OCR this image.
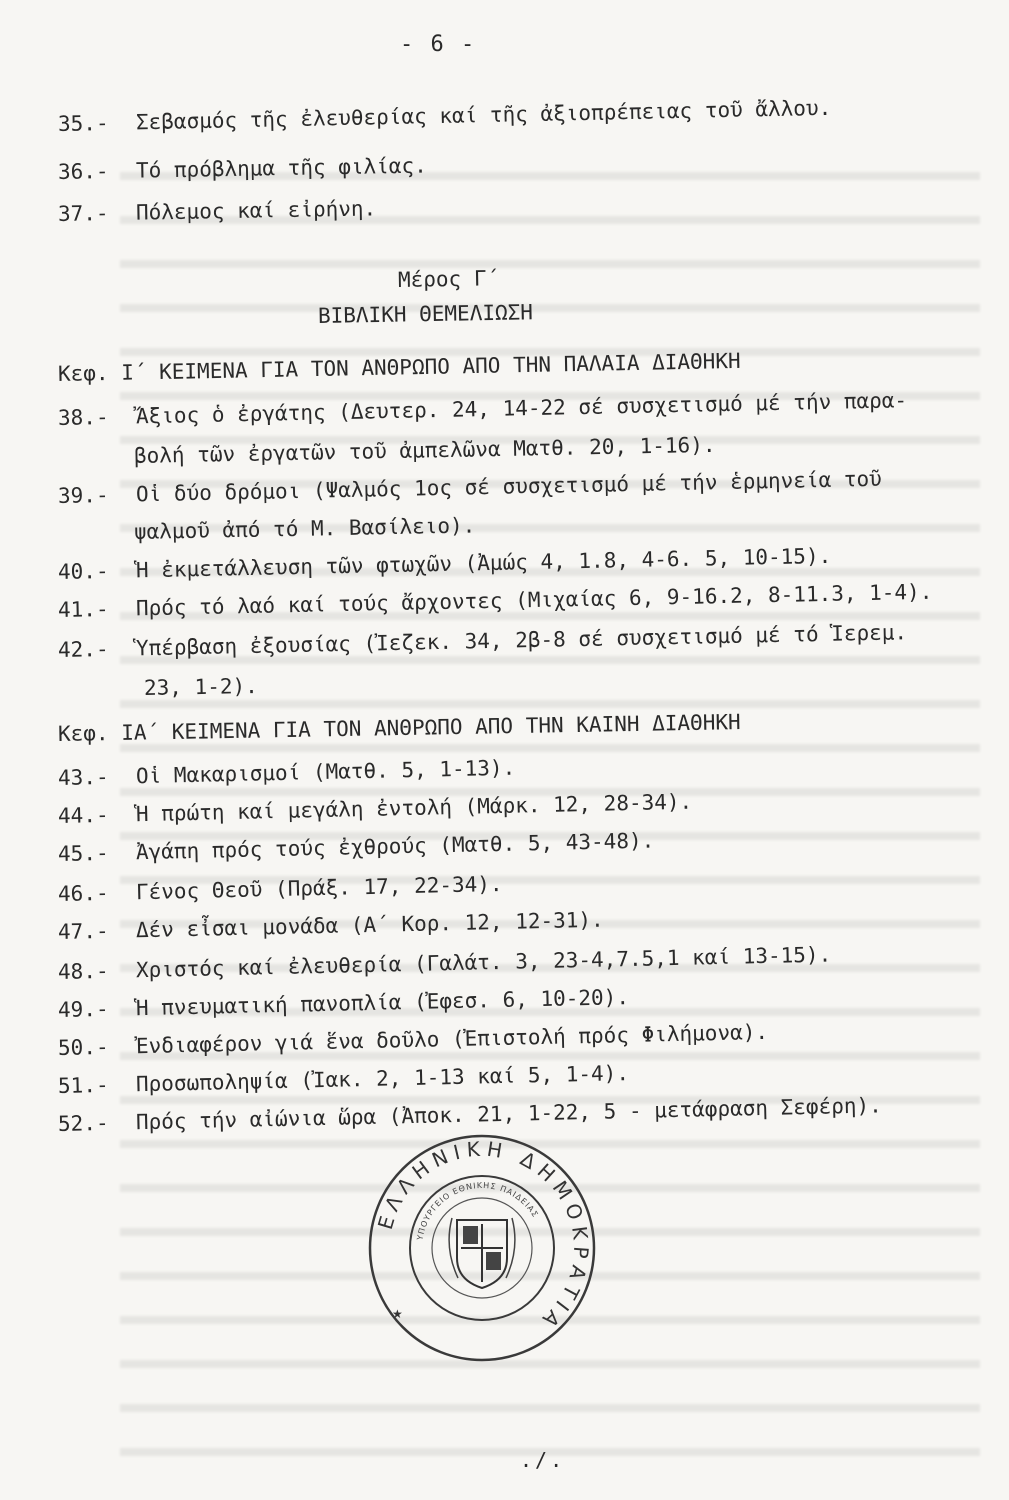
- 6 -
35.- Σεβασμός τῆς ἐλευθερίας καί τῆς ἀξιοπρέπειας τοῦ ἄλλου.
36.- Τό πρόβλημα τῆς φιλίας.
37.- Πόλεμος καί εἰρήνη.
Μέρος Γ΄
ΒΙΒΛΙΚΗ ΘΕΜΕΛΙΩΣΗ
Κεφ. Ι΄ ΚΕΙΜΕΝΑ ΓΙΑ ΤΟΝ ΑΝΘΡΩΠΟ ΑΠΟ ΤΗΝ ΠΑΛΑΙΑ ΔΙΑΘΗΚΗ
38.- Ἄξιος ὁ ἐργάτης (Δευτερ. 24, 14-22 σέ συσχετισμό μέ τήν παρα-
βολή τῶν ἐργατῶν τοῦ ἀμπελῶνα Ματθ. 20, 1-16).
39.- Οἱ δύο δρόμοι (Ψαλμός 1ος σέ συσχετισμό μέ τήν ἑρμηνεία τοῦ
ψαλμοῦ ἀπό τό Μ. Βασίλειο).
40.- Ἡ ἐκμετάλλευση τῶν φτωχῶν (Ἀμώς 4, 1.8, 4-6. 5, 10-15).
41.- Πρός τό λαό καί τούς ἄρχοντες (Μιχαίας 6, 9-16.2, 8-11.3, 1-4).
42.- Ὑπέρβαση ἐξουσίας (Ἰεζεκ. 34, 2β-8 σέ συσχετισμό μέ τό Ἱερεμ.
23, 1-2).
Κεφ. ΙΑ΄ ΚΕΙΜΕΝΑ ΓΙΑ ΤΟΝ ΑΝΘΡΩΠΟ ΑΠΟ ΤΗΝ ΚΑΙΝΗ ΔΙΑΘΗΚΗ
43.- Οἱ Μακαρισμοί (Ματθ. 5, 1-13).
44.- Ἡ πρώτη καί μεγάλη ἐντολή (Μάρκ. 12, 28-34).
45.- Ἀγάπη πρός τούς ἐχθρούς (Ματθ. 5, 43-48).
46.- Γένος Θεοῦ (Πράξ. 17, 22-34).
47.- Δέν εἶσαι μονάδα (Α΄ Κορ. 12, 12-31).
48.- Χριστός καί ἐλευθερία (Γαλάτ. 3, 23-4,7.5,1 καί 13-15).
49.- Ἡ πνευματική πανοπλία (Ἐφεσ. 6, 10-20).
50.- Ἐνδιαφέρον γιά ἕνα δοῦλο (Ἐπιστολή πρός Φιλήμονα).
51.- Προσωποληψία (Ἰακ. 2, 1-13 καί 5, 1-4).
52.- Πρός τήν αἰώνια ὥρα (Ἀποκ. 21, 1-22, 5 - μετάφραση Σεφέρη).
ΕΛΛΗΝΙΚΗ ΔΗΜΟΚΡΑΤΙΑ
ΥΠΟΥΡΓΕΙΟ ΕΘΝΙΚΗΣ ΠΑΙΔΕΙΑΣ
★
./.
